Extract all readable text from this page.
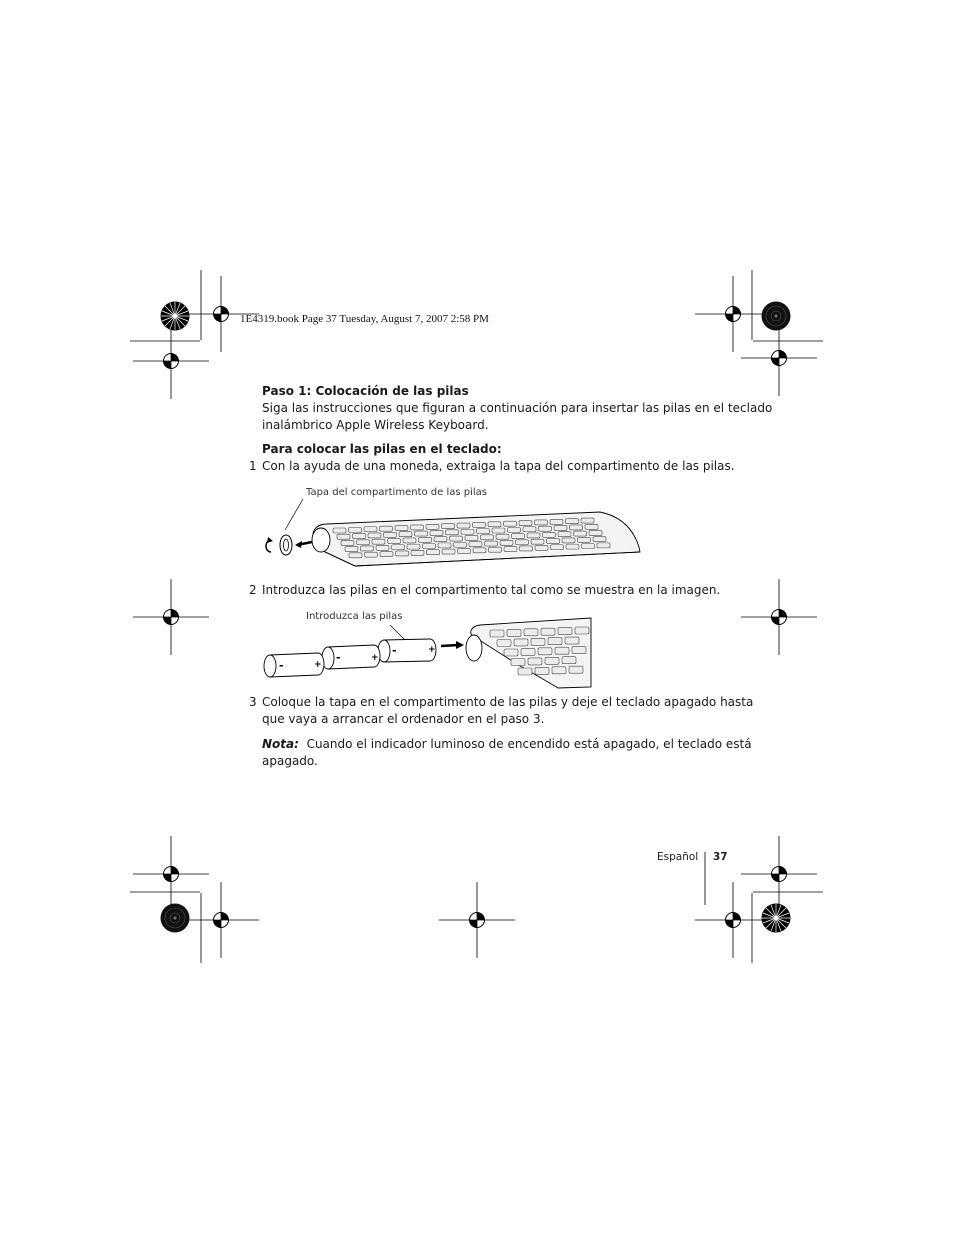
1E4319.book Page 37 Tuesday, August 7, 2007 2:58 PM
Paso 1: Colocación de las pilas
Siga las instrucciones que figuran a continuación para insertar las pilas en el teclado
inalámbrico Apple Wireless Keyboard.
Para colocar las pilas en el teclado:
1 Con la ayuda de una moneda, extraiga la tapa del compartimento de las pilas.
Tapa del compartimento de las pilas
2 Introduzca las pilas en el compartimento tal como se muestra en la imagen.
Introduzca las pilas
-	+
-	+
-	+
3 Coloque la tapa en el compartimento de las pilas y deje el teclado apagado hasta
que vaya a arrancar el ordenador en el paso 3.
Nota: Cuando el indicador luminoso de encendido está apagado, el teclado está
apagado.
Español 37
